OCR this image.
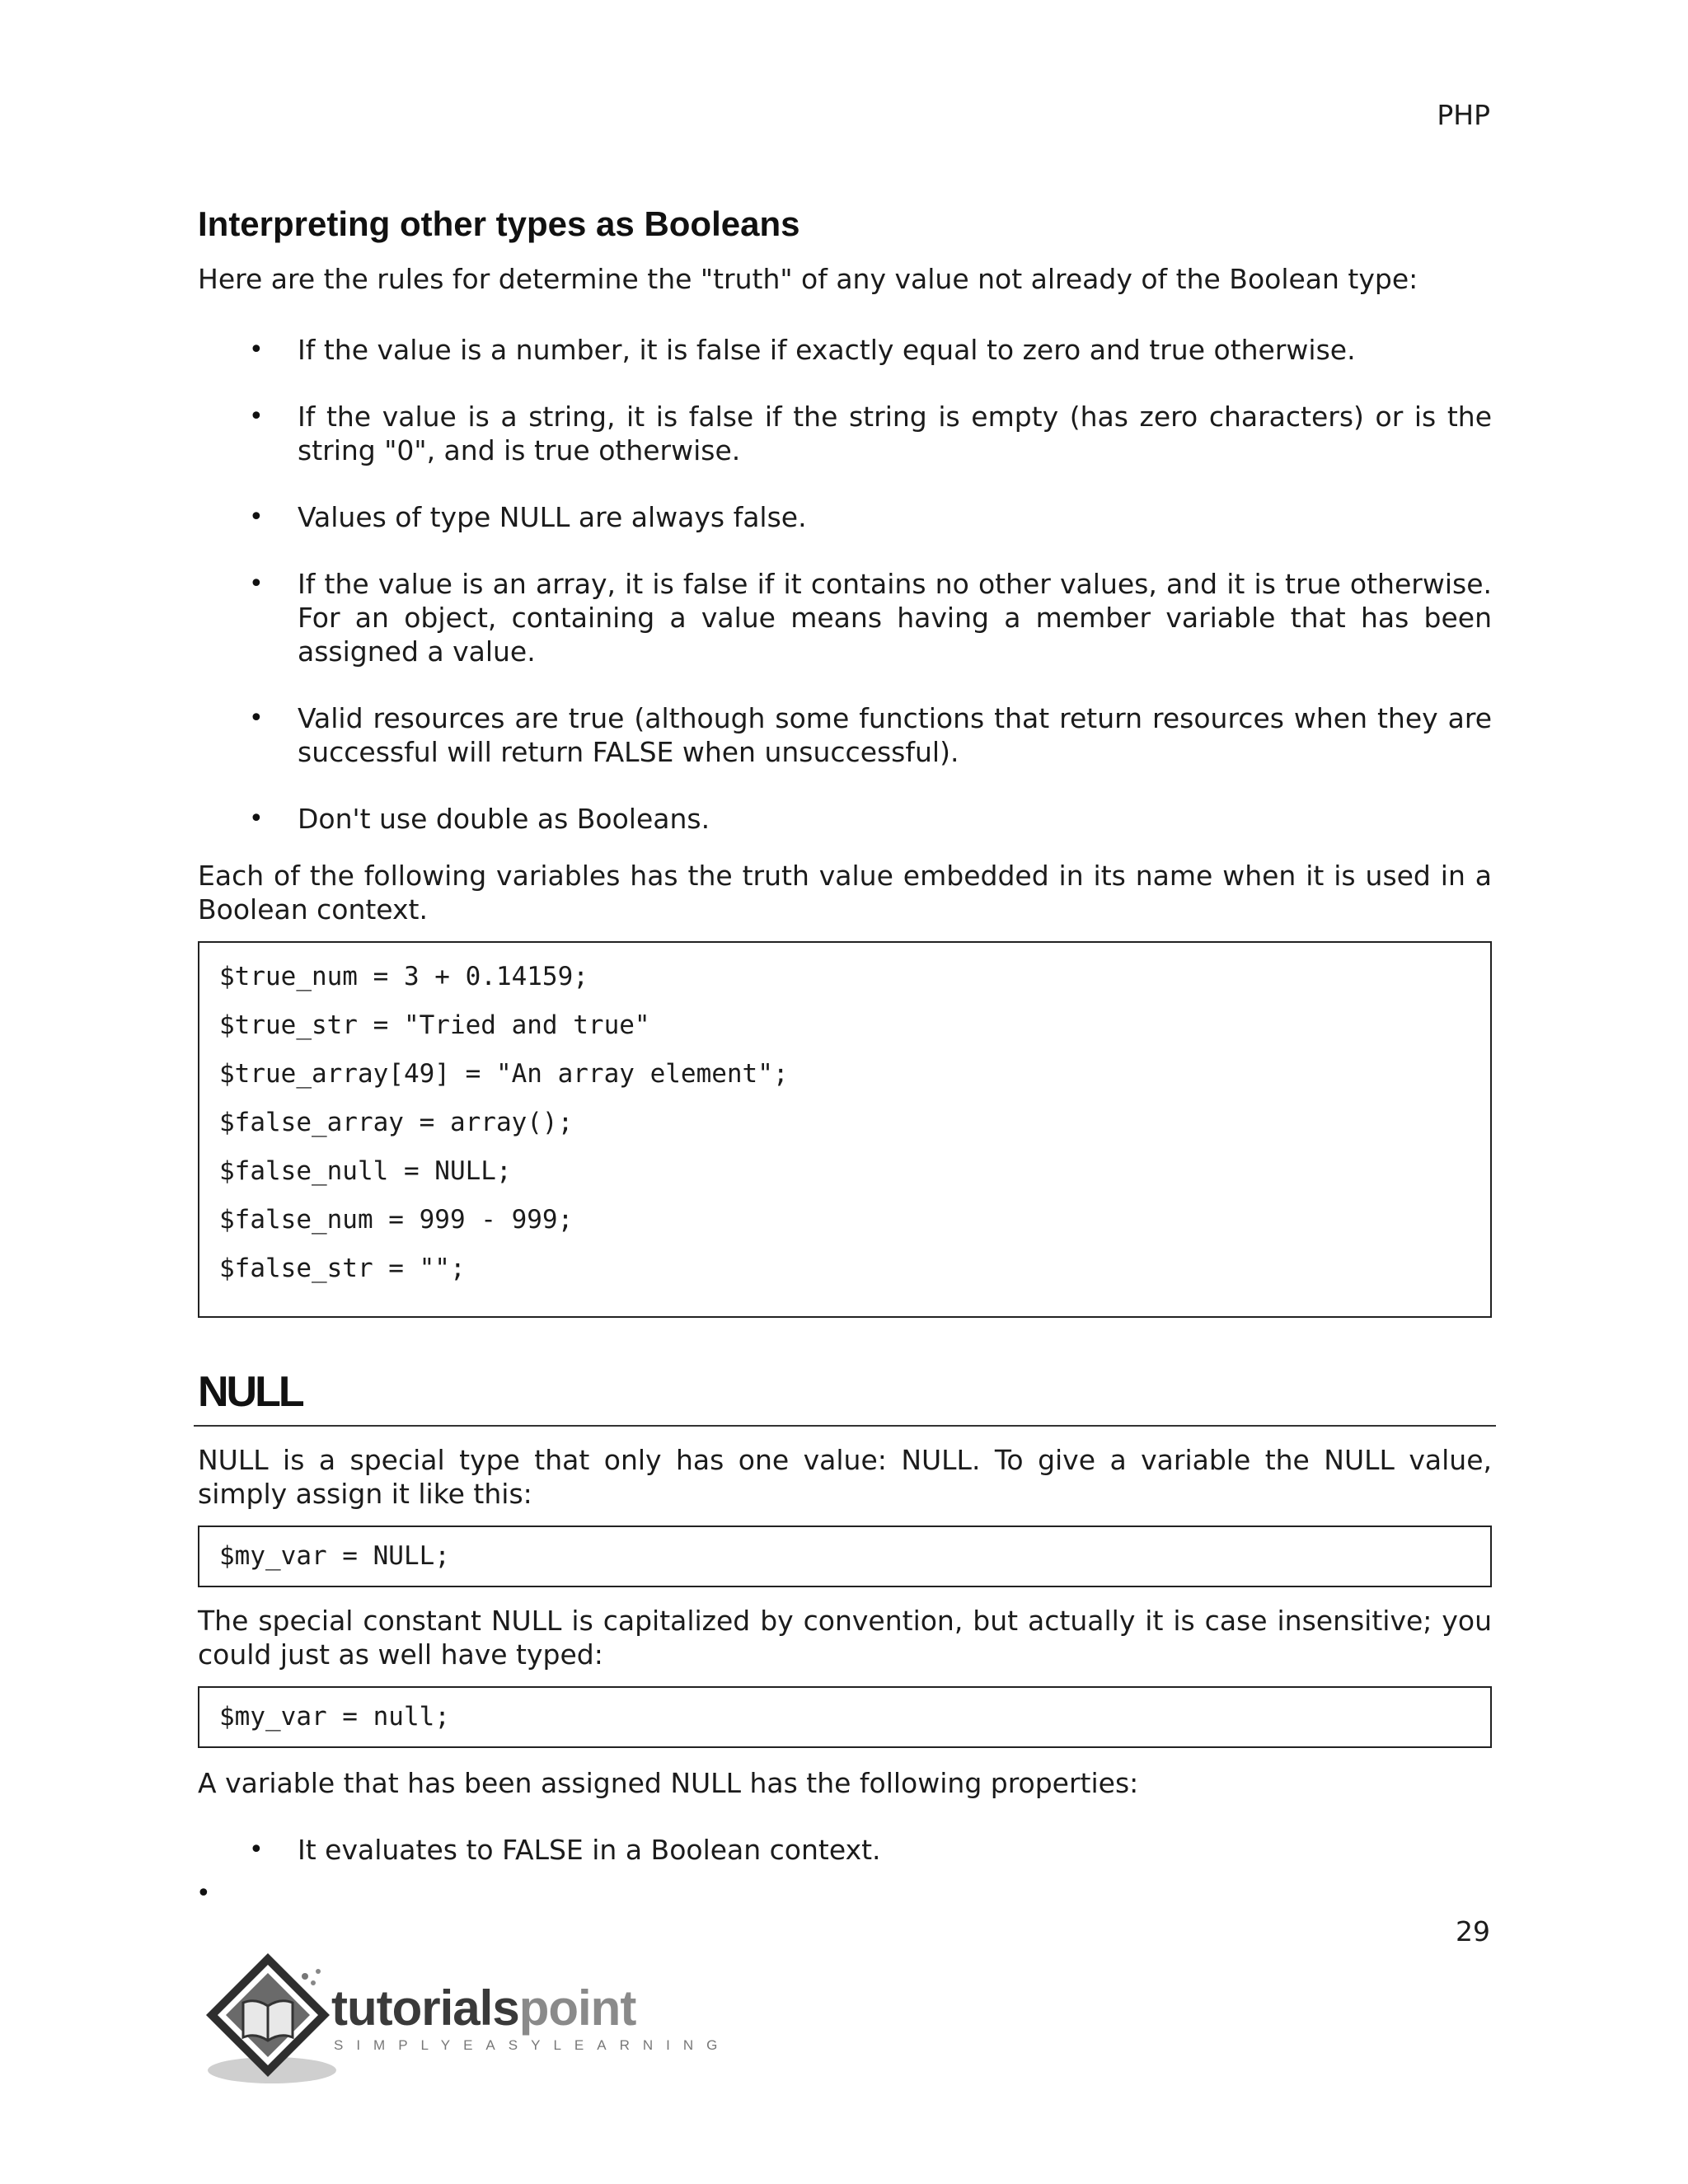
PHP
Interpreting other types as Booleans

Here are the rules for determine the "truth" of any value not already of the Boolean type:

• If the value is a number, it is false if exactly equal to zero and true otherwise.
• If the value is a string, it is false if the string is empty (has zero characters) or is the string "0", and is true otherwise.
• Values of type NULL are always false.
• If the value is an array, it is false if it contains no other values, and it is true otherwise. For an object, containing a value means having a member variable that has been assigned a value.
• Valid resources are true (although some functions that return resources when they are successful will return FALSE when unsuccessful).
• Don't use double as Booleans.

Each of the following variables has the truth value embedded in its name when it is used in a Boolean context.

$true_num = 3 + 0.14159;
$true_str = "Tried and true"
$true_array[49] = "An array element";
$false_array = array();
$false_null = NULL;
$false_num = 999 - 999;
$false_str = "";
NULL

NULL is a special type that only has one value: NULL. To give a variable the NULL value, simply assign it like this:

$my_var = NULL;

The special constant NULL is capitalized by convention, but actually it is case insensitive; you could just as well have typed:

$my_var = null;

A variable that has been assigned NULL has the following properties:

• It evaluates to FALSE in a Boolean context.
•
29
tutorialspoint
SIMPLYEASYLEARNING
